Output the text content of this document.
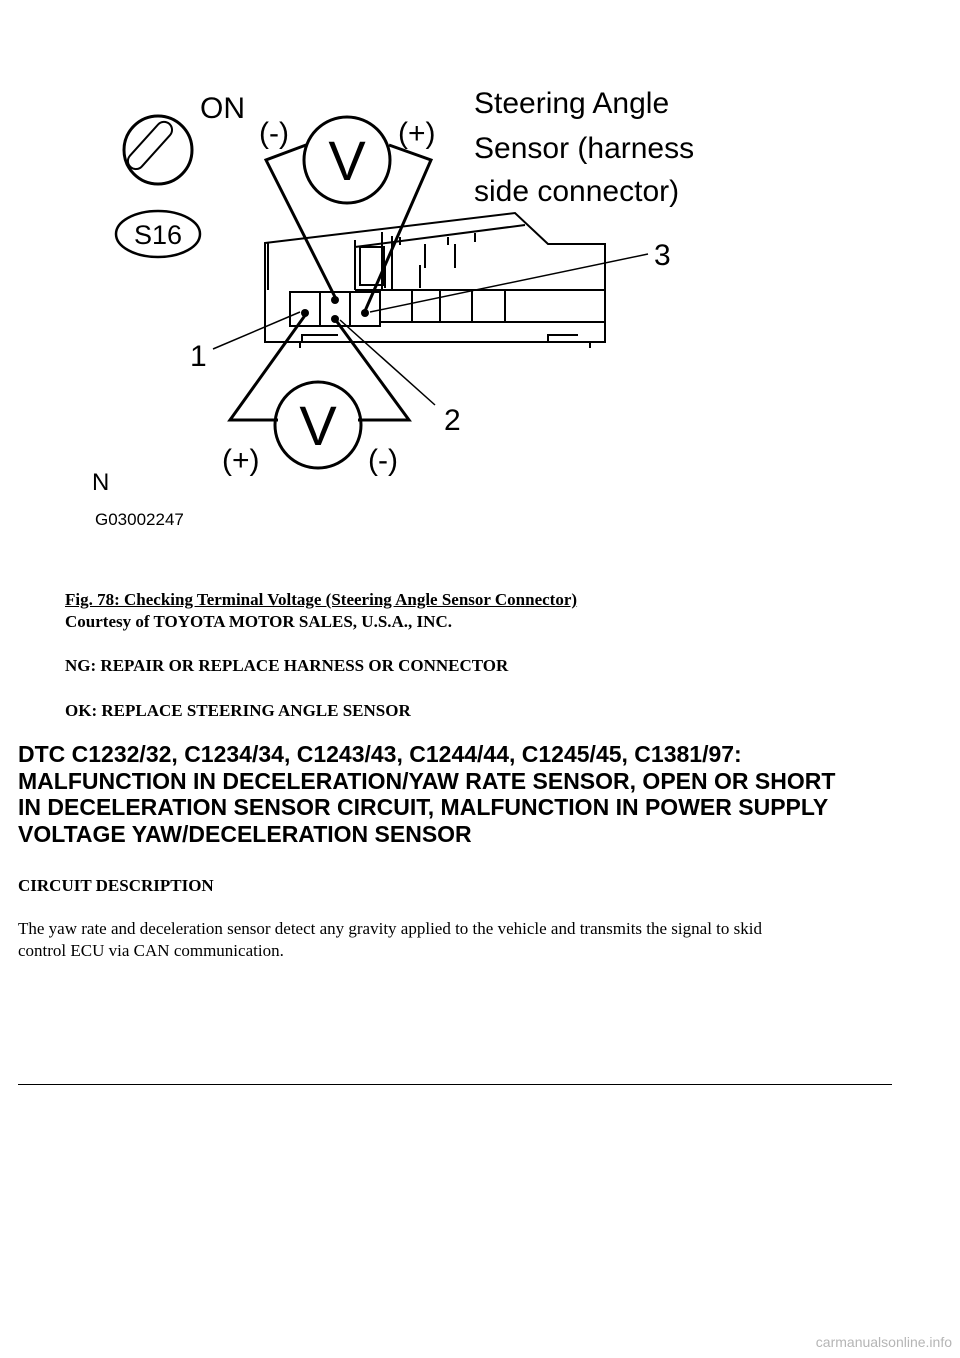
ON
S16
V
(-)	(+)
Steering Angle
Sensor (harness
side connector)
3
1
2
V
(+)	(-)
N
G03002247
Fig. 78: Checking Terminal Voltage (Steering Angle Sensor Connector)
Courtesy of TOYOTA MOTOR SALES, U.S.A., INC.
NG: REPAIR OR REPLACE HARNESS OR CONNECTOR
OK: REPLACE STEERING ANGLE SENSOR
DTC C1232/32, C1234/34, C1243/43, C1244/44, C1245/45, C1381/97:
MALFUNCTION IN DECELERATION/YAW RATE SENSOR, OPEN OR SHORT
IN DECELERATION SENSOR CIRCUIT, MALFUNCTION IN POWER SUPPLY
VOLTAGE YAW/DECELERATION SENSOR
CIRCUIT DESCRIPTION

The yaw rate and deceleration sensor detect any gravity applied to the vehicle and transmits the signal to skid
control ECU via CAN communication.

carmanualsonline.info
